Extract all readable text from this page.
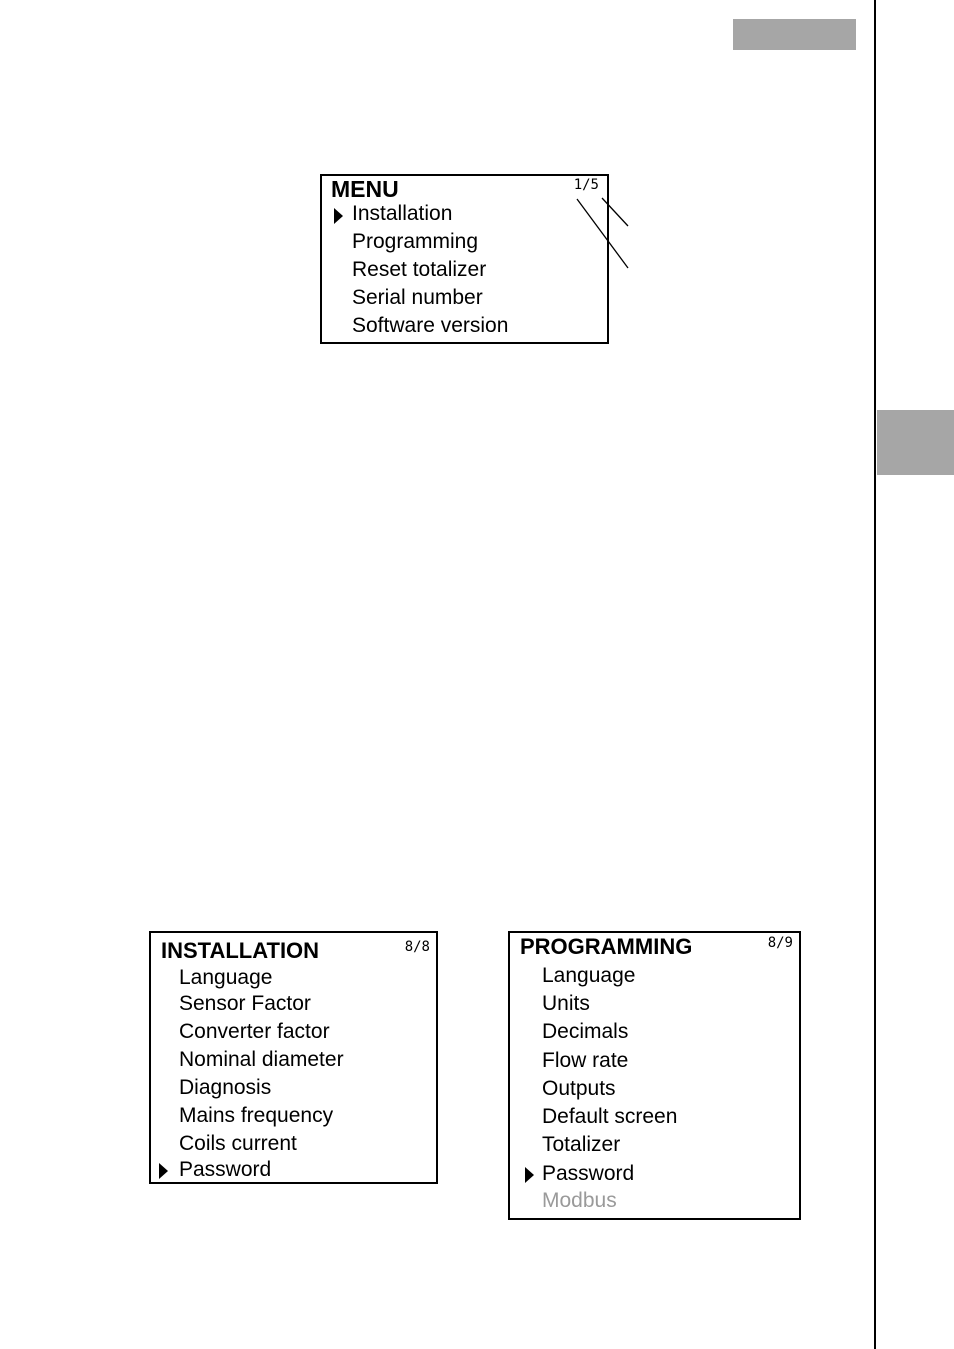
MENU	1/5
Installation
Programming
Reset totalizer
Serial number
Software version
INSTALLATION	8/8
Language
Sensor Factor
Converter factor
Nominal diameter
Diagnosis
Mains frequency
Coils current
Password
PROGRAMMING	8/9
Language
Units
Decimals
Flow rate
Outputs
Default screen
Totalizer
Password
Modbus
